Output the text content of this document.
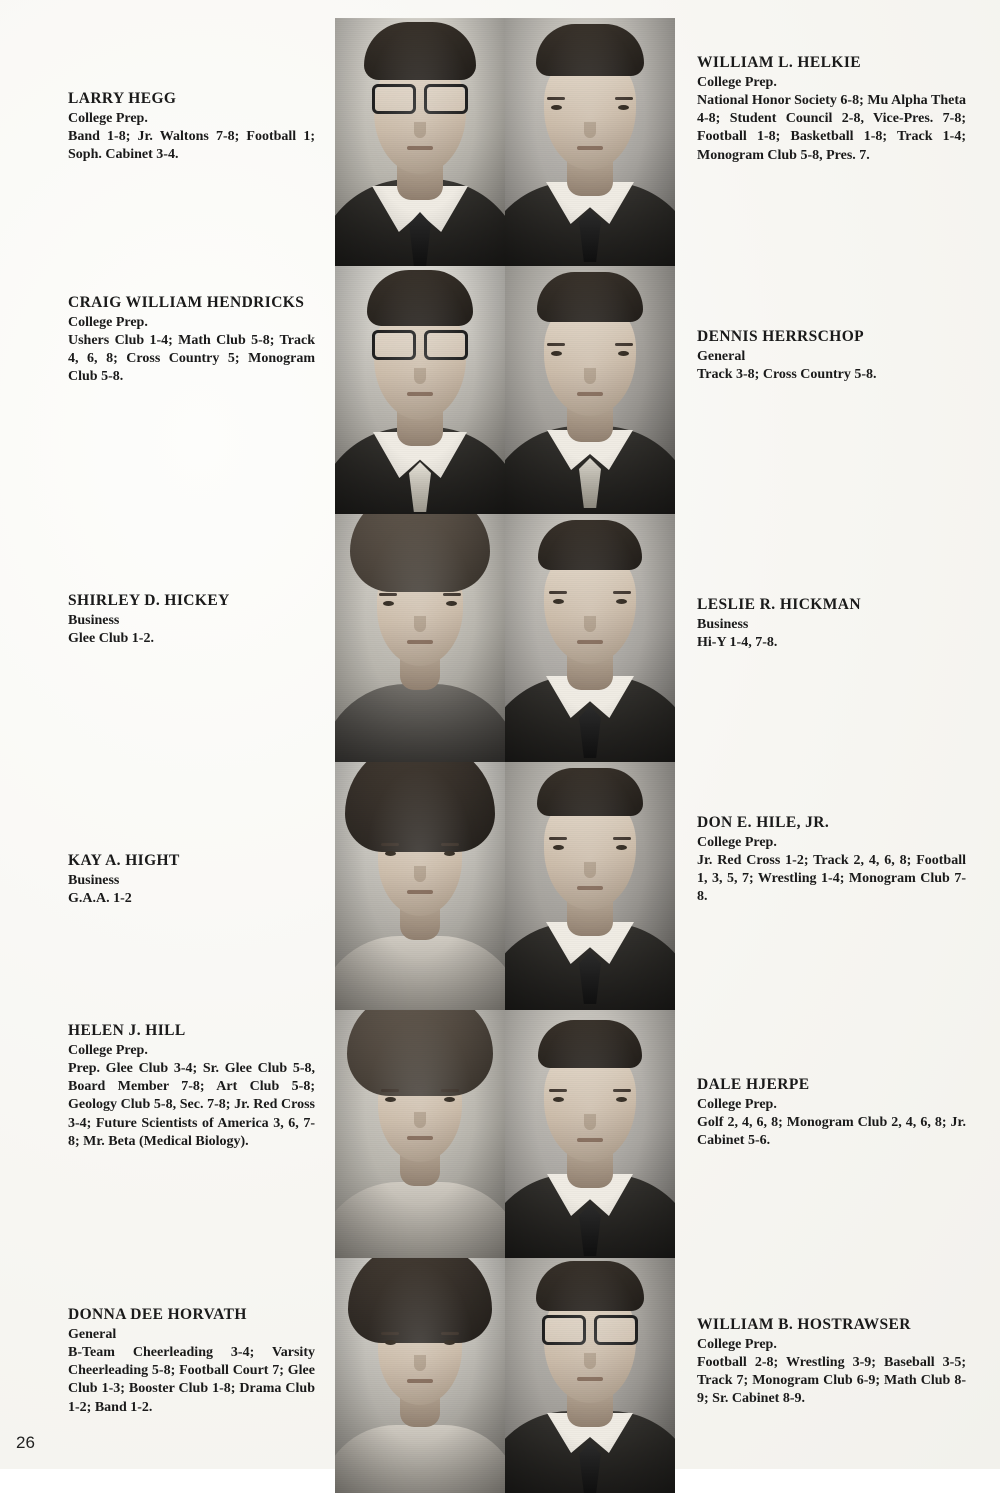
LARRY HEGG
College Prep.
Band 1-8; Jr. Waltons 7-8; Football 1; Soph. Cabinet 3-4.
WILLIAM L. HELKIE
College Prep.
National Honor Society 6-8; Mu Alpha Theta 4-8; Student Council 2-8, Vice-Pres. 7-8; Football 1-8; Basketball 1-8; Track 1-4; Monogram Club 5-8, Pres. 7.
CRAIG WILLIAM HENDRICKS
College Prep.
Ushers Club 1-4; Math Club 5-8; Track 4, 6, 8; Cross Country 5; Monogram Club 5-8.
DENNIS HERRSCHOP
General
Track 3-8; Cross Country 5-8.
SHIRLEY D. HICKEY
Business
Glee Club 1-2.
LESLIE R. HICKMAN
Business
Hi-Y 1-4, 7-8.
KAY A. HIGHT
Business
G.A.A. 1-2
DON E. HILE, JR.
College Prep.
Jr. Red Cross 1-2; Track 2, 4, 6, 8; Football 1, 3, 5, 7; Wrestling 1-4; Monogram Club 7-8.
HELEN J. HILL
College Prep.
Prep. Glee Club 3-4; Sr. Glee Club 5-8, Board Member 7-8; Art Club 5-8; Geology Club 5-8, Sec. 7-8; Jr. Red Cross 3-4; Future Scientists of America 3, 6, 7-8; Mr. Beta (Medical Biology).
DALE HJERPE
College Prep.
Golf 2, 4, 6, 8; Monogram Club 2, 4, 6, 8; Jr. Cabinet 5-6.
DONNA DEE HORVATH
General
B-Team Cheerleading 3-4; Varsity Cheerleading 5-8; Football Court 7; Glee Club 1-3; Booster Club 1-8; Drama Club 1-2; Band 1-2.
WILLIAM B. HOSTRAWSER
College Prep.
Football 2-8; Wrestling 3-9; Baseball 3-5; Track 7; Monogram Club 6-9; Math Club 8-9; Sr. Cabinet 8-9.
26
